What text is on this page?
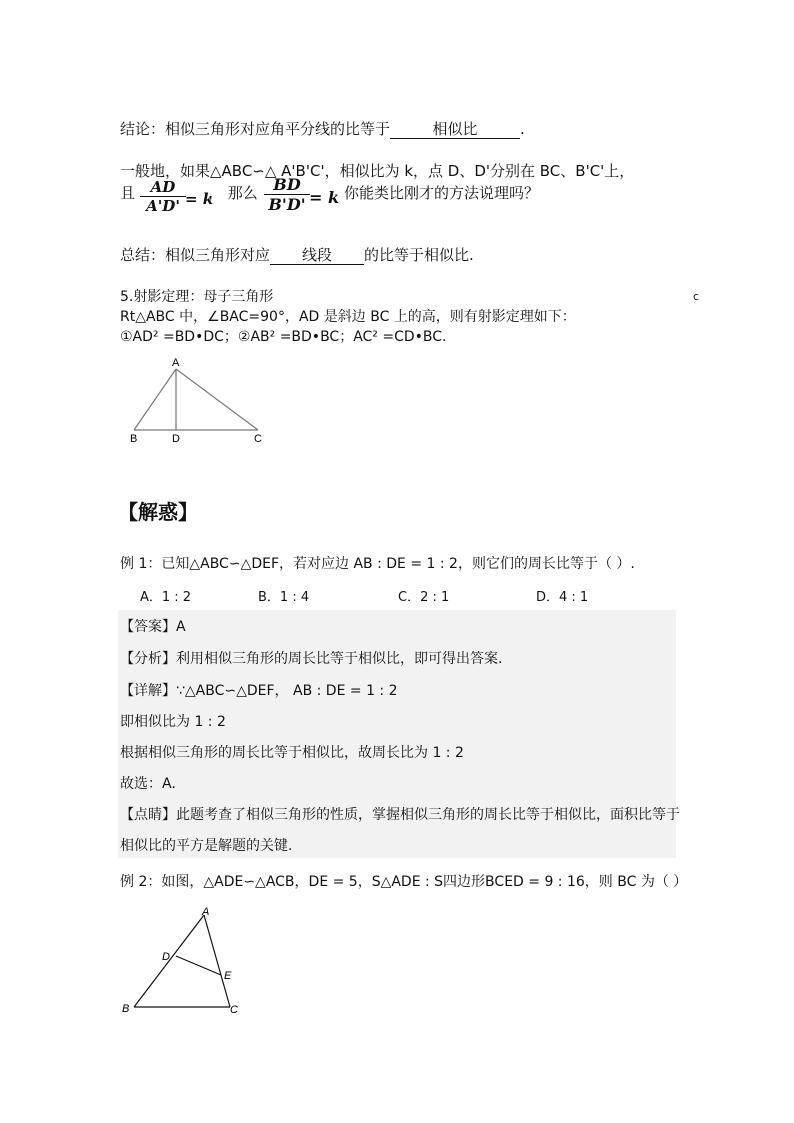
结论：相似三角形对应角平分线的比等于	相似比	.
一般地，如果△ABC∽△ A'B'C'，相似比为 k，点 D、D'分别在 BC、B'C'上，
且 $\frac{AD}{A'D'} = k$
， 那么 $\frac{BD}{B'D'} = k$ 你能类比刚才的方法说理吗？
总结：相似三角形对应 线段 的比等于相似比.
c
5.射影定理：母子三角形
Rt△ABC 中，∠BAC=90°，AD 是斜边 BC 上的高，则有射影定理如下：
①AD² =BD•DC；②AB² =BD•BC；AC² =CD•BC.
A
B	D	C
【解惑】
例 1：已知△ABC∽△DEF，若对应边 AB : DE = 1 : 2，则它们的周长比等于（ ）.
A．1 : 2	B．1 : 4	C．2 : 1	D．4 : 1
【答案】A
【分析】利用相似三角形的周长比等于相似比，即可得出答案.
【详解】∵△ABC∽△DEF， AB : DE = 1 : 2
即相似比为 1 : 2
根据相似三角形的周长比等于相似比，故周长比为 1 : 2
故选：A.
【点睛】此题考查了相似三角形的性质，掌握相似三角形的周长比等于相似比，面积比等于
相似比的平方是解题的关键.
例 2：如图，△ADE∽△ACB，DE = 5，S△ADE : S四边形BCED = 9 : 16，则 BC 为（ ）
A
D
E
B	C
